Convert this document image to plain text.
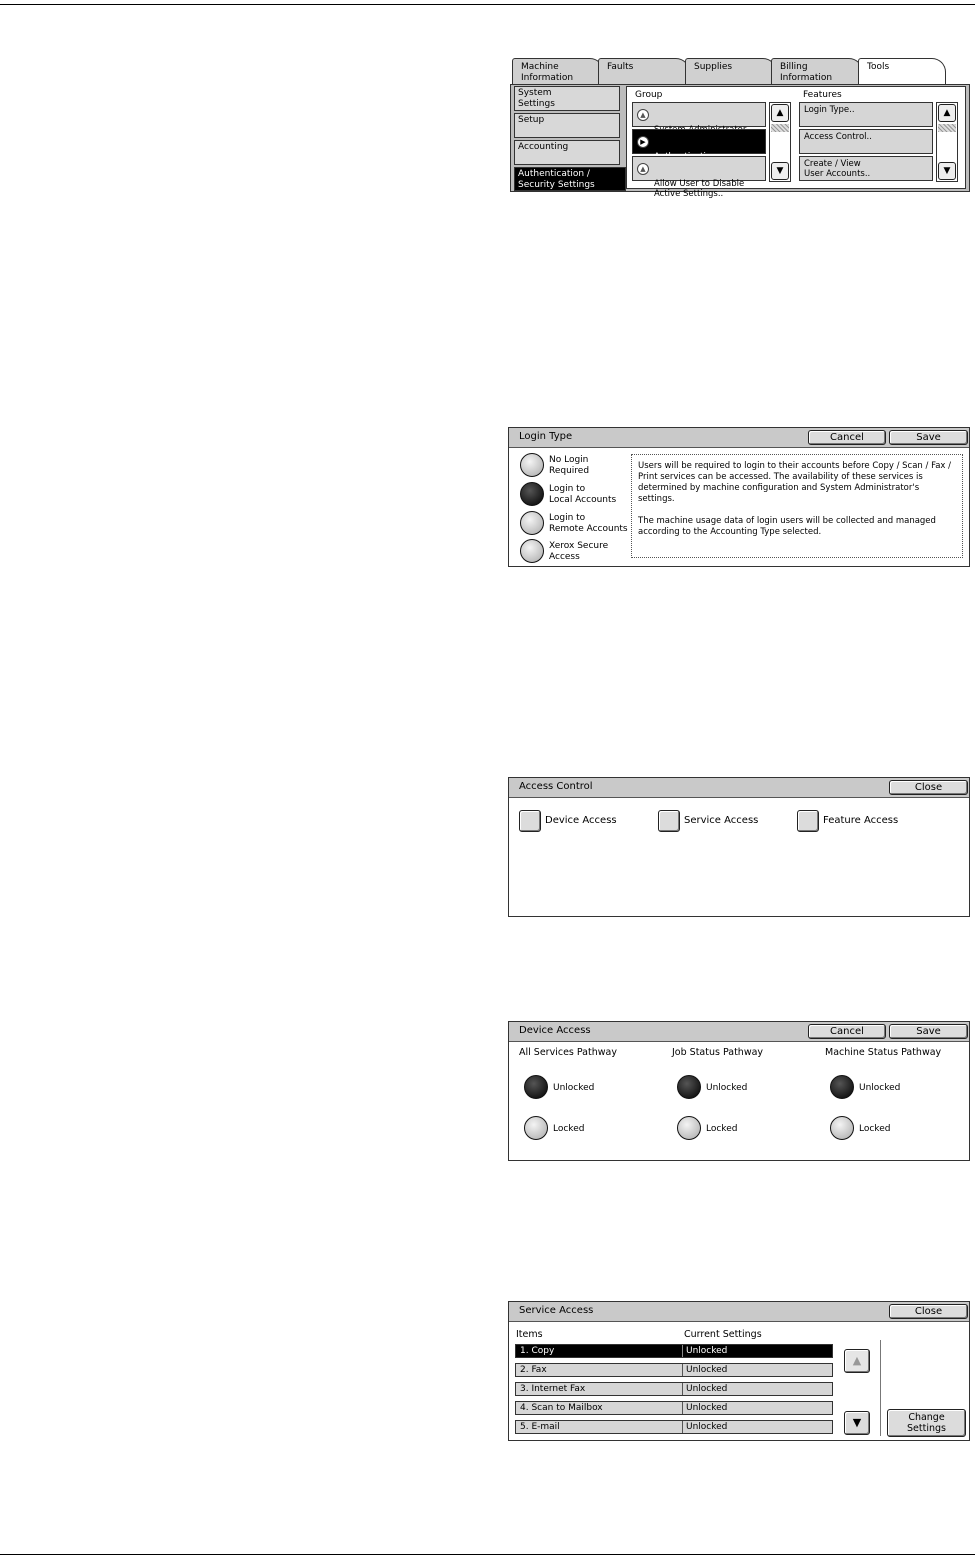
Machine
Information
Faults	Supplies	Billing
Information
Tools
System
Settings
Setup
Accounting
Authentication /
Security Settings
Group	Features

▲

▶

▲

Allow User to Disable
Active Settings..

▲
▼
Login Type..
Access Control..
Create / View
User Accounts..
▲
▼
Login Type	Cancel	Save
No Login
Required
Login to
Local Accounts
Login to
Remote Accounts
Xerox Secure
Access
Users will be required to login to their accounts before Copy / Scan / Fax / Print services can be accessed. The availability of these services is determined by machine configuration and System Administrator's settings.
The machine usage data of login users will be collected and managed according to the Accounting Type selected.
Access Control	Close
Device Access	Service Access	Feature Access
Device Access	Cancel	Save
All Services Pathway
Unlocked
Locked
Job Status Pathway
Unlocked
Locked
Machine Status Pathway
Unlocked
Locked
Service Access	Close
Items	Current Settings
1. Copy	Unlocked
2. Fax	Unlocked
3. Internet Fax	Unlocked
4. Scan to Mailbox	Unlocked
5. E-mail	Unlocked
▲
▼	Change
Settings
